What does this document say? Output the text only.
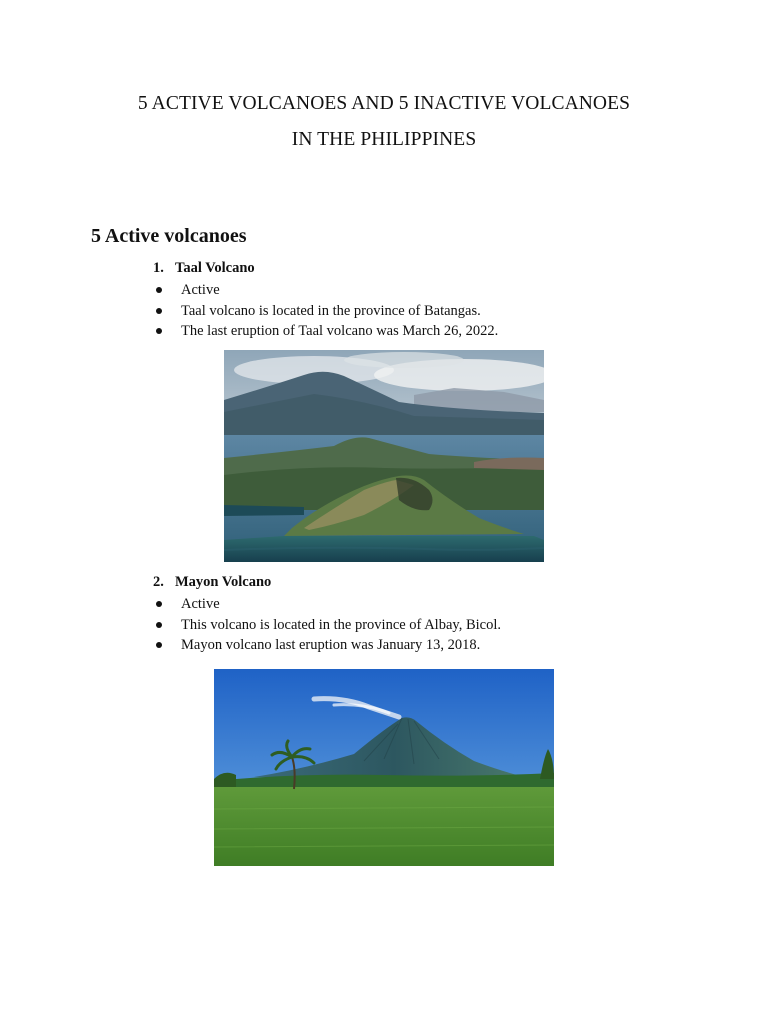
5 ACTIVE VOLCANOES AND 5 INACTIVE VOLCANOES
IN THE PHILIPPINES
5 Active volcanoes
1. Taal Volcano
Active
Taal volcano is located in the province of Batangas.
The last eruption of Taal volcano was March 26, 2022.
2. Mayon Volcano
Active
This volcano is located in the province of Albay, Bicol.
Mayon volcano last eruption was January 13, 2018.
